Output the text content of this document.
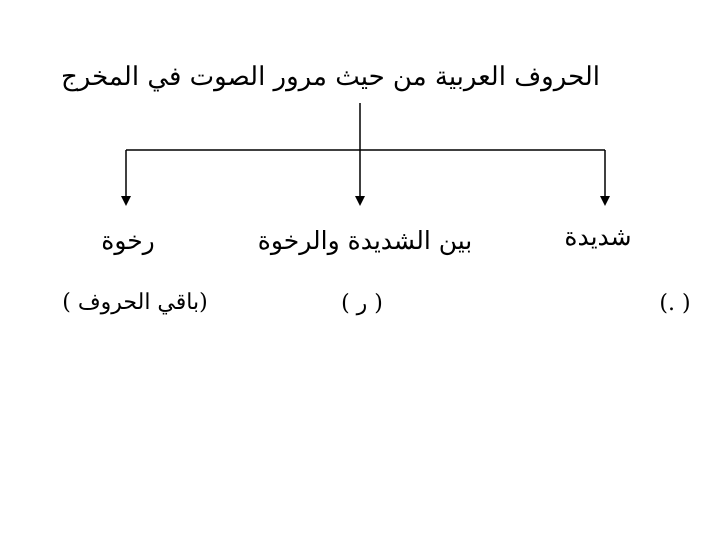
الحروف العربية من حيث مرور الصوت في المخرج
شديدة
بين الشديدة والرخوة
رخوة
(باقي الحروف )	( ر )	( .)
